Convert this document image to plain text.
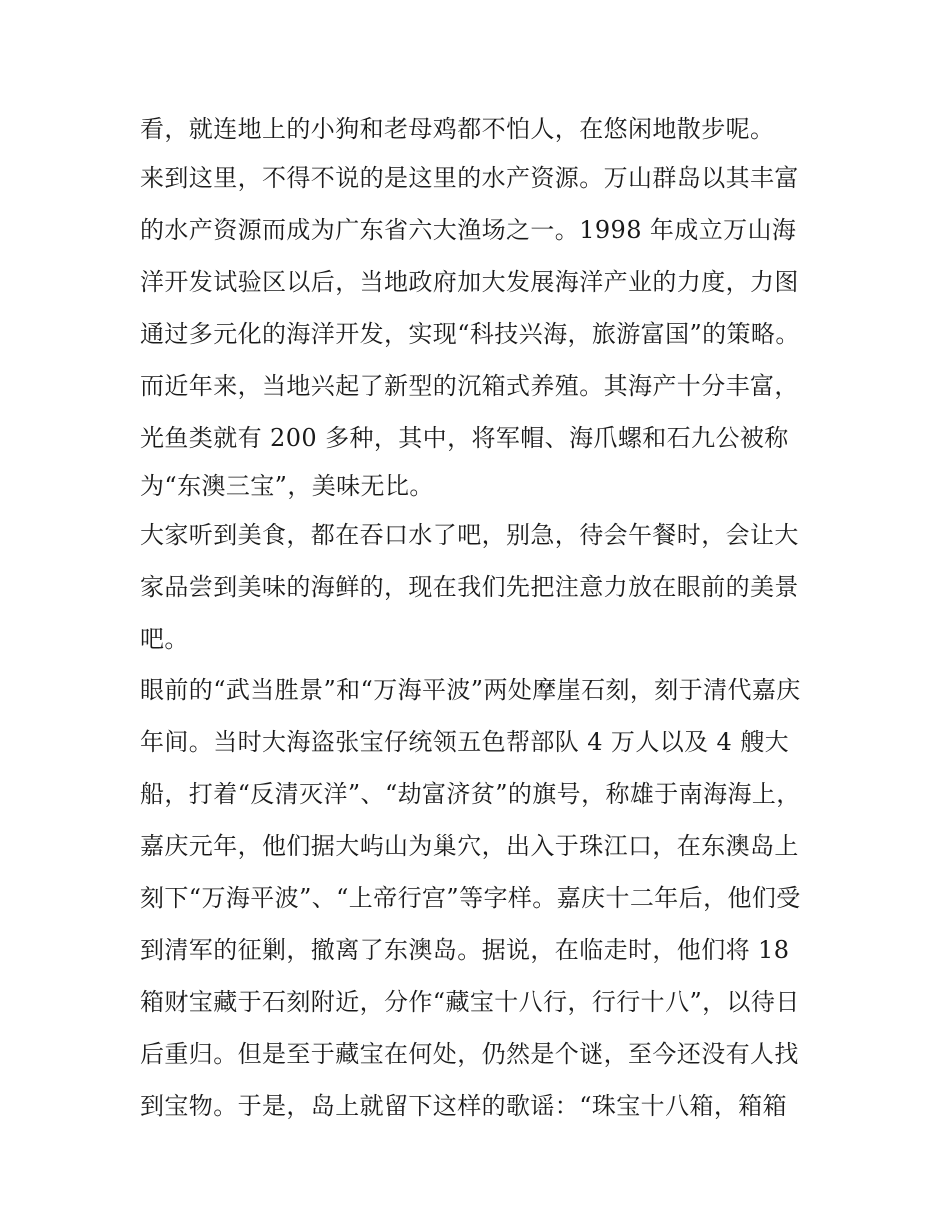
看，就连地上的小狗和老母鸡都不怕人，在悠闲地散步呢。
来到这里，不得不说的是这里的水产资源。万山群岛以其丰富
的水产资源而成为广东省六大渔场之一。1998 年成立万山海
洋开发试验区以后，当地政府加大发展海洋产业的力度，力图
通过多元化的海洋开发，实现“科技兴海，旅游富国”的策略。
而近年来，当地兴起了新型的沉箱式养殖。其海产十分丰富，
光鱼类就有 200 多种，其中，将军帽、海爪螺和石九公被称
为“东澳三宝”，美味无比。
大家听到美食，都在吞口水了吧，别急，待会午餐时，会让大
家品尝到美味的海鲜的，现在我们先把注意力放在眼前的美景
吧。
眼前的“武当胜景”和“万海平波”两处摩崖石刻，刻于清代嘉庆
年间。当时大海盗张宝仔统领五色帮部队 4 万人以及 4 艘大
船，打着“反清灭洋”、“劫富济贫”的旗号，称雄于南海海上，
嘉庆元年，他们据大屿山为巢穴，出入于珠江口，在东澳岛上
刻下“万海平波”、“上帝行宫”等字样。嘉庆十二年后，他们受
到清军的征剿，撤离了东澳岛。据说，在临走时，他们将 18
箱财宝藏于石刻附近，分作“藏宝十八行，行行十八”，以待日
后重归。但是至于藏宝在何处，仍然是个谜，至今还没有人找
到宝物。于是，岛上就留下这样的歌谣：“珠宝十八箱，箱箱
